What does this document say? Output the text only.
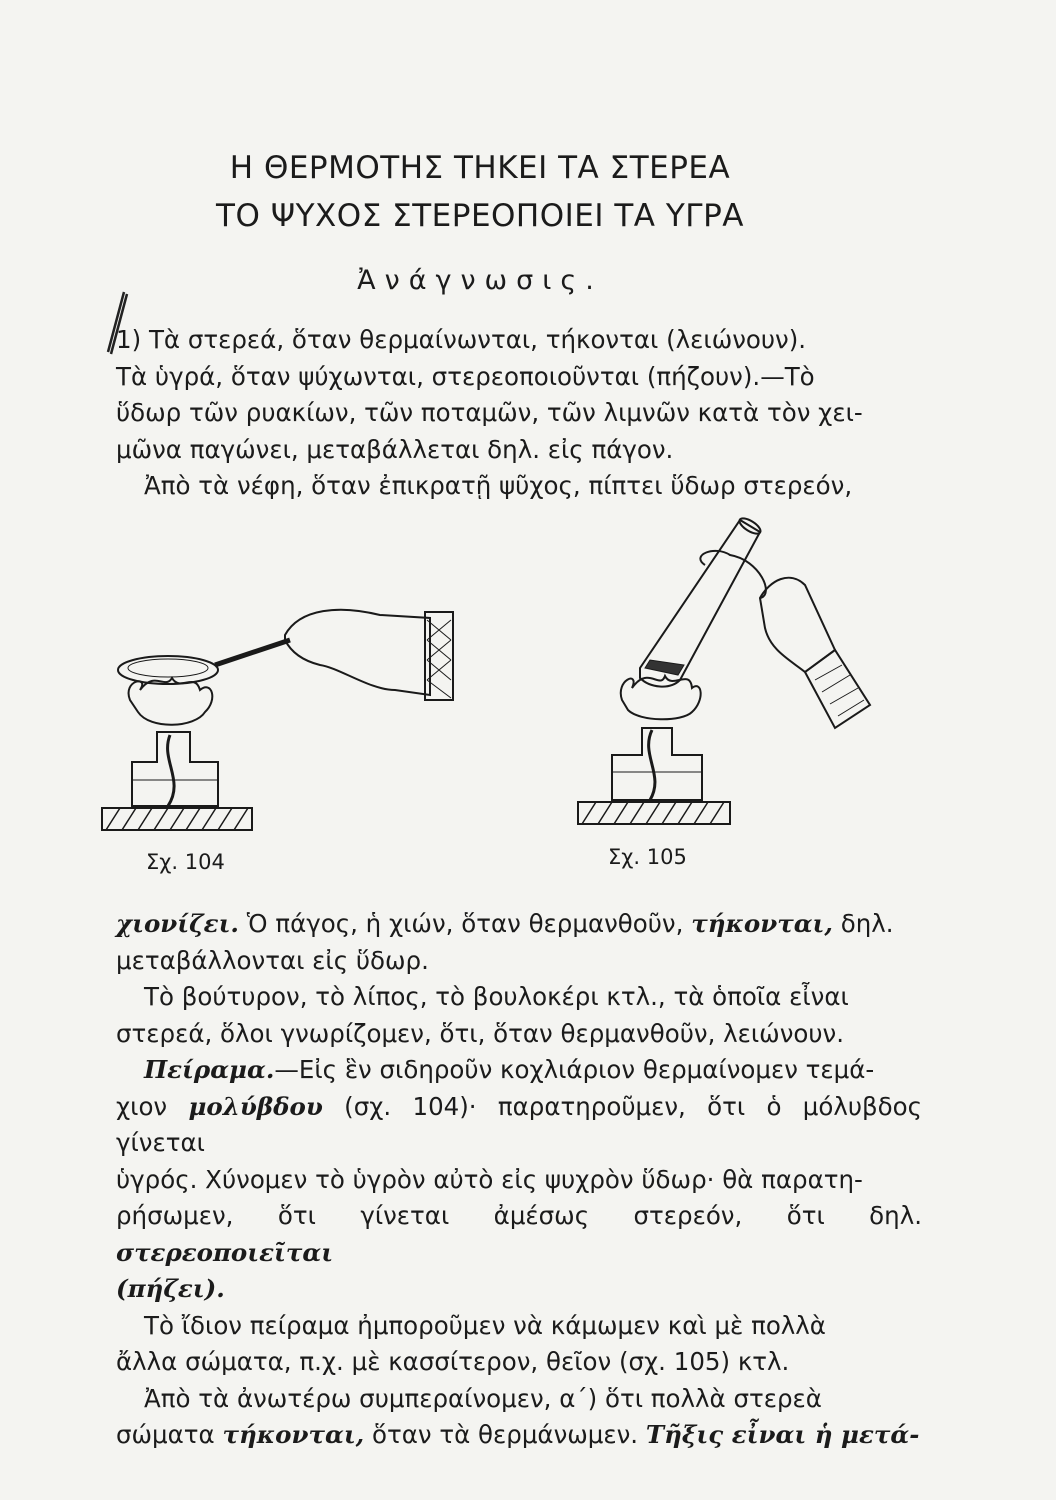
Η ΘΕΡΜΟΤΗΣ ΤΗΚΕΙ ΤΑ ΣΤΕΡΕΑ
ΤΟ ΨΥΧΟΣ ΣΤΕΡΕΟΠΟΙΕΙ ΤΑ ΥΓΡΑ
Ἀνάγνωσις.
1) Τὰ στερεά, ὅταν θερμαίνωνται, τήκονται (λειώνουν).
Τὰ ὑγρά, ὅταν ψύχωνται, στερεοποιοῦνται (πήζουν).—Τὸ
ὕδωρ τῶν ρυακίων, τῶν ποταμῶν, τῶν λιμνῶν κατὰ τὸν χει-
μῶνα παγώνει, μεταβάλλεται δηλ. εἰς πάγον.
Ἀπὸ τὰ νέφη, ὅταν ἐπικρατῇ ψῦχος, πίπτει ὕδωρ στερεόν,
Σχ. 104	Σχ. 105
χιονίζει. Ὁ πάγος, ἡ χιών, ὅταν θερμανθοῦν, τήκονται, δηλ.
μεταβάλλονται εἰς ὕδωρ.
Τὸ βούτυρον, τὸ λίπος, τὸ βουλοκέρι κτλ., τὰ ὁποῖα εἶναι
στερεά, ὅλοι γνωρίζομεν, ὅτι, ὅταν θερμανθοῦν, λειώνουν.
Πείραμα.—Εἰς ἓν σιδηροῦν κοχλιάριον θερμαίνομεν τεμά-
χιον μολύβδου (σχ. 104)· παρατηροῦμεν, ὅτι ὁ μόλυβδος γίνεται
ὑγρός. Χύνομεν τὸ ὑγρὸν αὐτὸ εἰς ψυχρὸν ὕδωρ· θὰ παρατη-
ρήσωμεν, ὅτι γίνεται ἀμέσως στερεόν, ὅτι δηλ. στερεοποιεῖται
(πήζει).
Τὸ ἴδιον πείραμα ἠμποροῦμεν νὰ κάμωμεν καὶ μὲ πολλὰ
ἄλλα σώματα, π.χ. μὲ κασσίτερον, θεῖον (σχ. 105) κτλ.
Ἀπὸ τὰ ἀνωτέρω συμπεραίνομεν, α΄) ὅτι πολλὰ στερεὰ
σώματα τήκονται, ὅταν τὰ θερμάνωμεν. Τῆξις εἶναι ἡ μετά-
